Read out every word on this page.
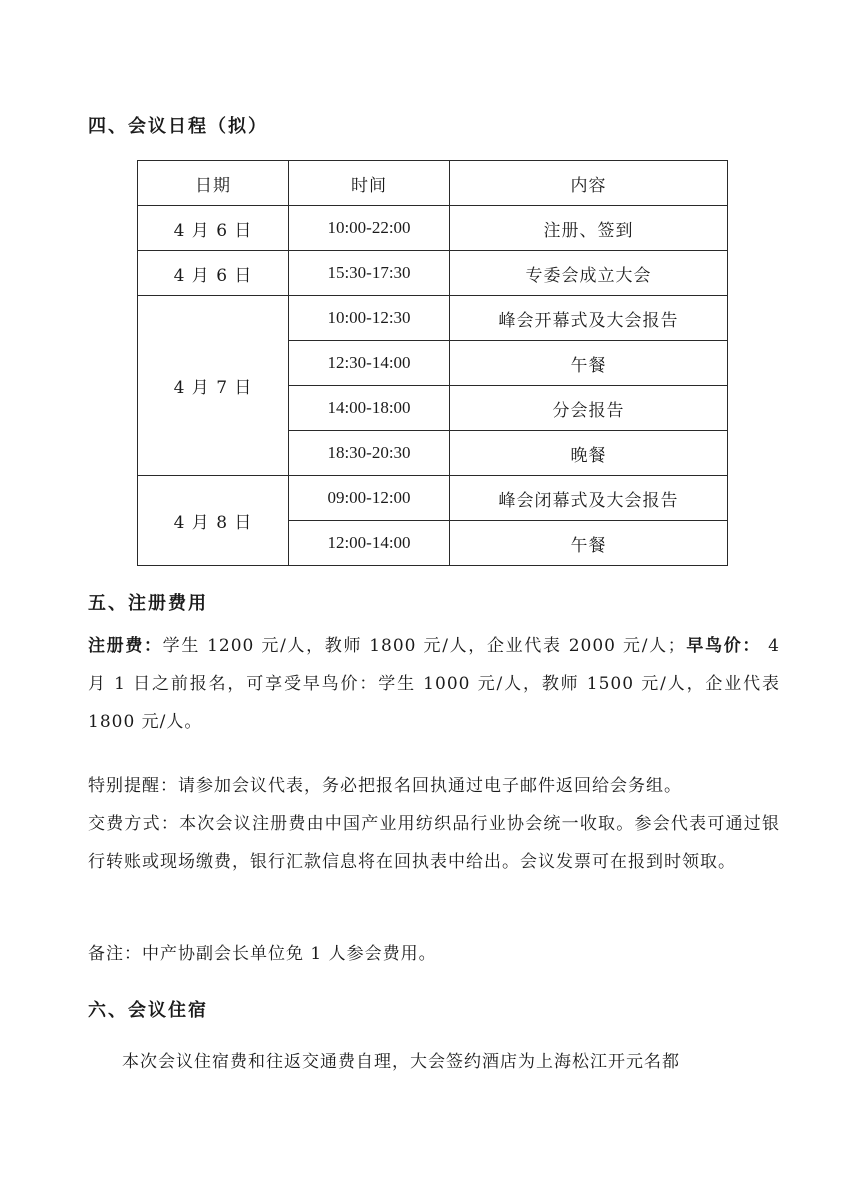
四、会议日程（拟）
日期	时间	内容
4 月 6 日	10:00-22:00	注册、签到
4 月 6 日	15:30-17:30	专委会成立大会
4 月 7 日	10:00-12:30	峰会开幕式及大会报告
	12:30-14:00	午餐
	14:00-18:00	分会报告
	18:30-20:30	晚餐
4 月 8 日	09:00-12:00	峰会闭幕式及大会报告
	12:00-14:00	午餐
五、注册费用
注册费：学生 1200 元/人，教师 1800 元/人，企业代表 2000 元/人；早鸟价： 4 月 1 日之前报名，可享受早鸟价：学生 1000 元/人，教师 1500 元/人，企业代表 1800 元/人。
特别提醒：请参加会议代表，务必把报名回执通过电子邮件返回给会务组。
交费方式：本次会议注册费由中国产业用纺织品行业协会统一收取。参会代表可通过银行转账或现场缴费，银行汇款信息将在回执表中给出。会议发票可在报到时领取。
备注：中产协副会长单位免 1 人参会费用。
六、会议住宿
本次会议住宿费和往返交通费自理，大会签约酒店为上海松江开元名都
